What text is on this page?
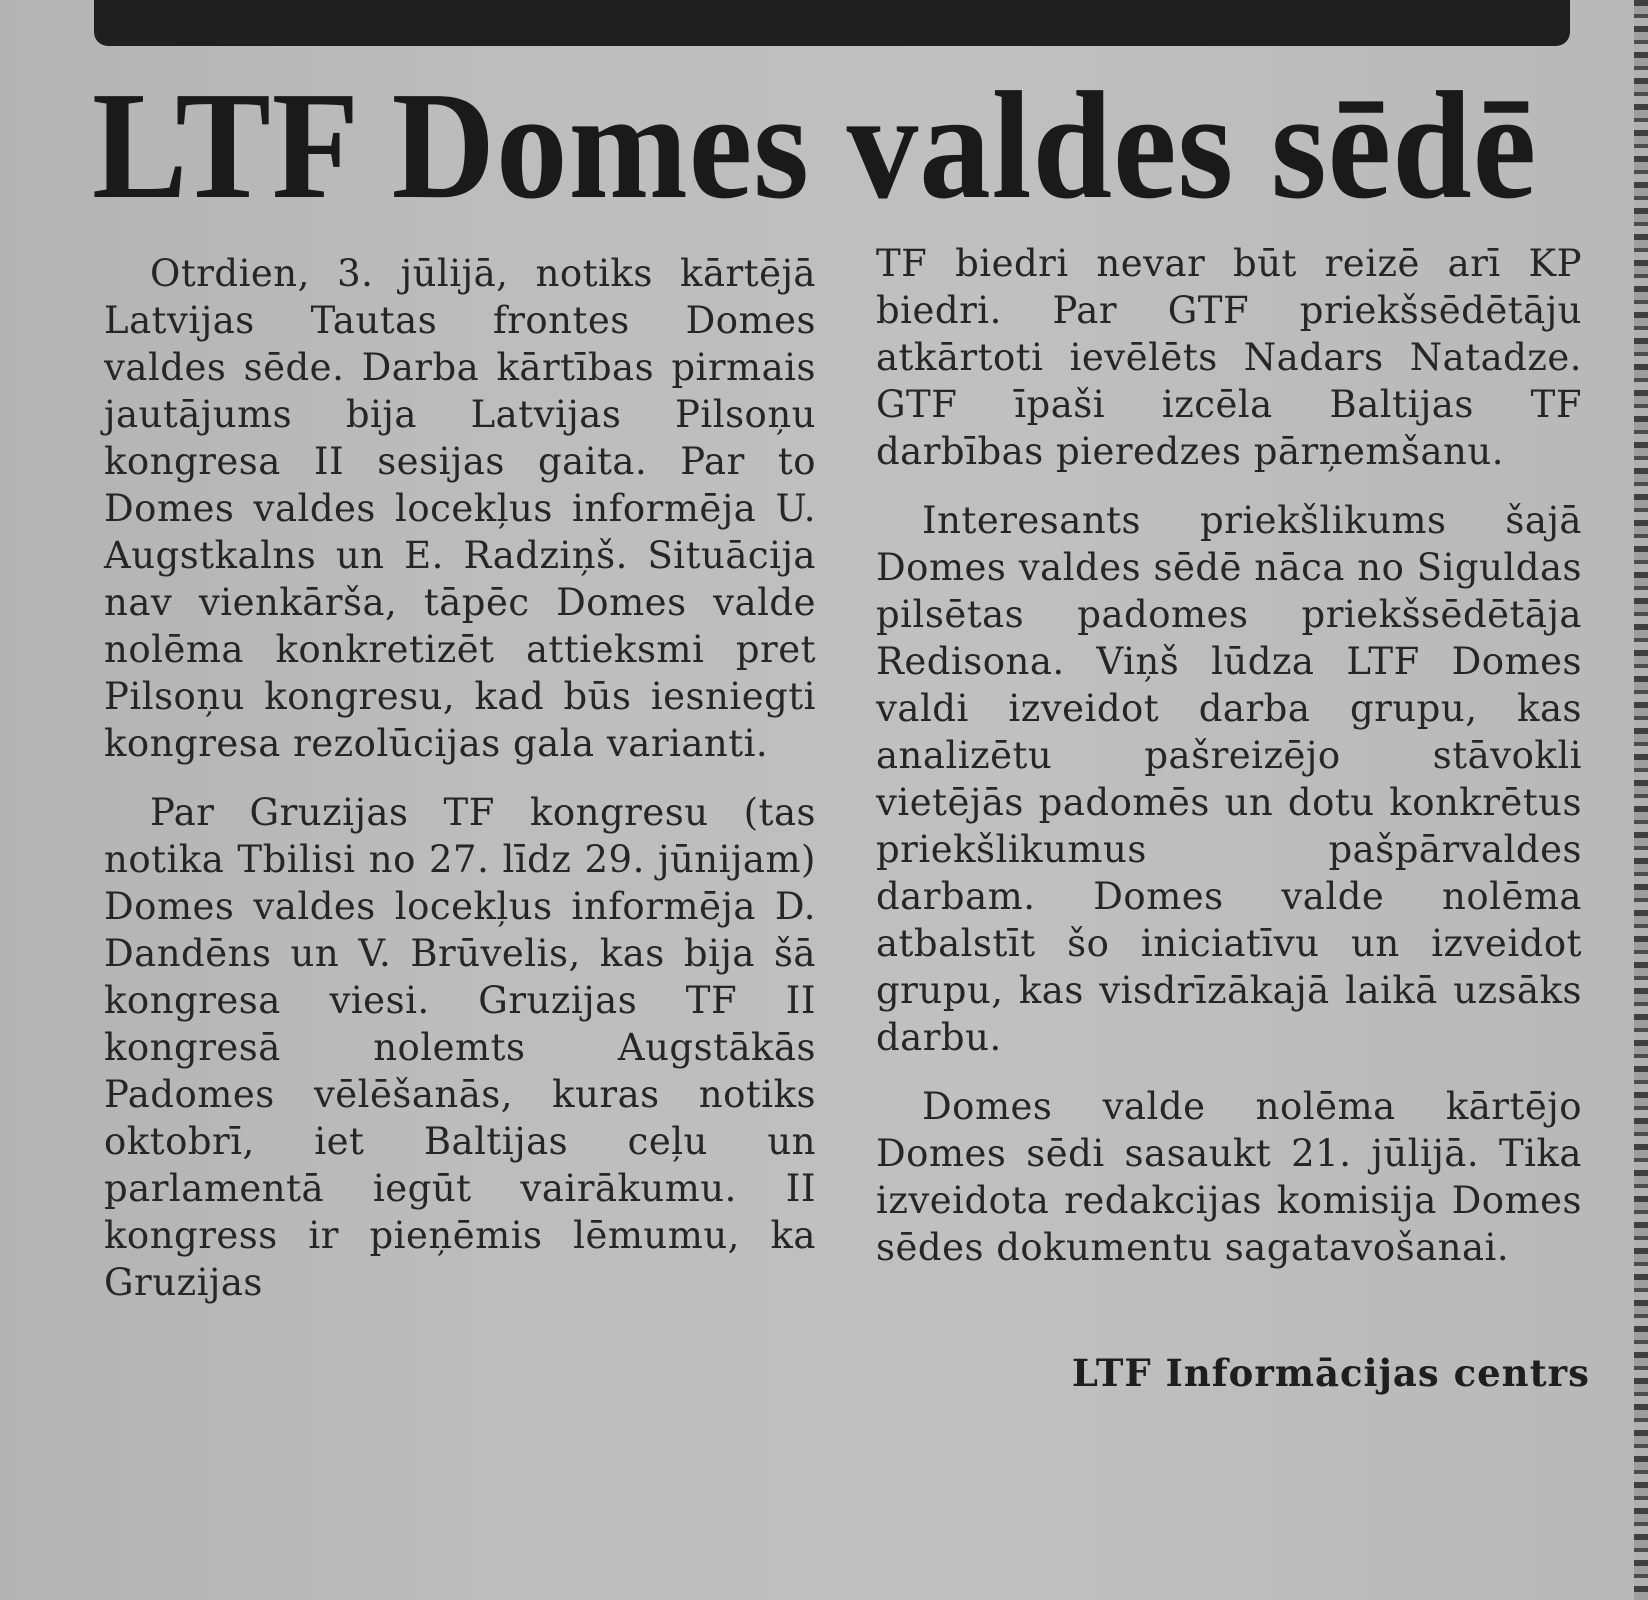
LTF Domes valdes sēdē

Otrdien, 3. jūlijā, notiks kārtējā Latvijas Tautas frontes Domes valdes sēde. Darba kārtības pirmais jautājums bija Latvijas Pilsoņu kongresa II sesijas gaita. Par to Domes valdes locekļus informēja U. Augstkalns un E. Radziņš. Situācija nav vienkārša, tāpēc Domes valde nolēma konkretizēt attieksmi pret Pilsoņu kongresu, kad būs iesniegti kongresa rezolūcijas gala varianti.

Par Gruzijas TF kongresu (tas notika Tbilisi no 27. līdz 29. jūnijam) Domes valdes locekļus informēja D. Dandēns un V. Brūvelis, kas bija šā kongresa viesi. Gruzijas TF II kongresā nolemts Augstākās Padomes vēlēšanās, kuras notiks oktobrī, iet Baltijas ceļu un parlamentā iegūt vairākumu. II kongress ir pieņēmis lēmumu, ka Gruzijas

TF biedri nevar būt reizē arī KP biedri. Par GTF priekšsēdētāju atkārtoti ievēlēts Nadars Natadze. GTF īpaši izcēla Baltijas TF darbības pieredzes pārņemšanu.

Interesants priekšlikums šajā Domes valdes sēdē nāca no Siguldas pilsētas padomes priekšsēdētāja Redisona. Viņš lūdza LTF Domes valdi izveidot darba grupu, kas analizētu pašreizējo stāvokli vietējās padomēs un dotu konkrētus priekšlikumus pašpārvaldes darbam. Domes valde nolēma atbalstīt šo iniciatīvu un izveidot grupu, kas visdrīzākajā laikā uzsāks darbu.

Domes valde nolēma kārtējo Domes sēdi sasaukt 21. jūlijā. Tika izveidota redakcijas komisija Domes sēdes dokumentu sagatavošanai.

LTF Informācijas centrs
